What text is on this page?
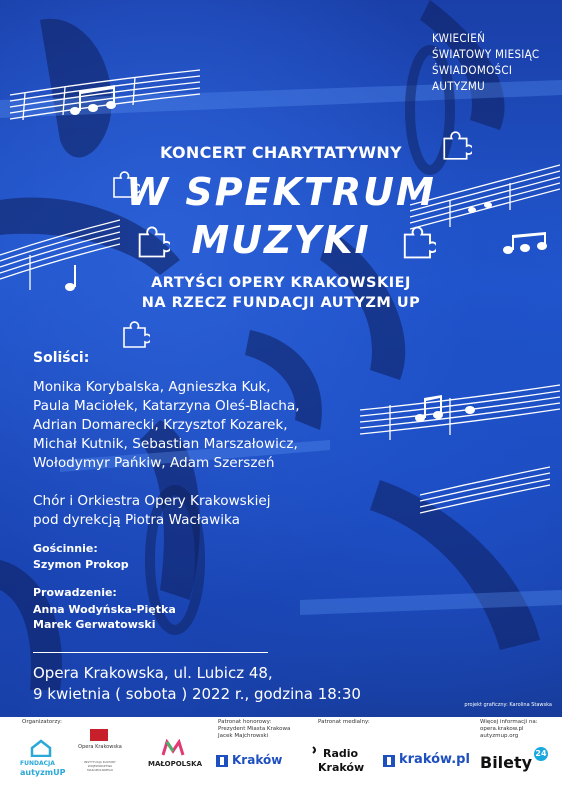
KWIECIEŃ
ŚWIATOWY MIESIĄC
ŚWIADOMOŚCI
AUTYZMU
KONCERT CHARYTATYWNY
W SPEKTRUM
MUZYKI
ARTYŚCI OPERY KRAKOWSKIEJ
NA RZECZ FUNDACJI AUTYZM UP
Soliści:
Monika Korybalska, Agnieszka Kuk,
Paula Maciołek, Katarzyna Oleś-Blacha,
Adrian Domarecki, Krzysztof Kozarek,
Michał Kutnik, Sebastian Marszałowicz,
Wołodymyr Pańkiw, Adam Szerszeń
Chór i Orkiestra Opery Krakowskiej
pod dyrekcją Piotra Wacławika
Gościnnie:
Szymon Prokop
Prowadzenie:
Anna Wodyńska-Piętka
Marek Gerwatowski
Opera Krakowska, ul. Lubicz 48,
9 kwietnia ( sobota ) 2022 r., godzina 18:30
projekt graficzny: Karolina Stawska
Organizatorzy:	Patronat honorowy:
Prezydent Miasta Krakowa
Jacek Majchrowski
Patronat medialny:	Więcej informacji na:
opera.krakow.pl
autyzmup.org
FUNDACJA
autyzmUP
Opera Krakowska
INSTYTUCJA KULTURY WOJEWÓDZTWA MAŁOPOLSKIEGO
MAŁOPOLSKA Kraków	Radio
Kraków
kraków.pl Bilety 24
